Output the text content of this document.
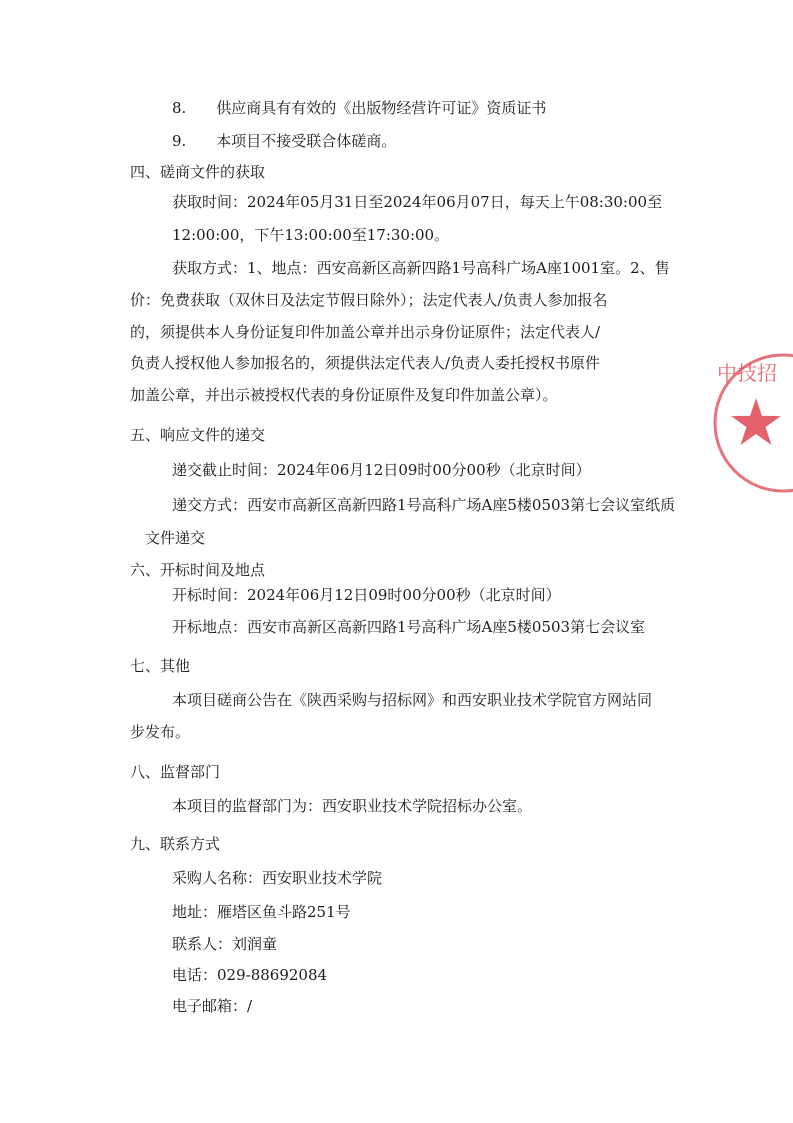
8.　　供应商具有有效的《出版物经营许可证》资质证书
9.　　本项目不接受联合体磋商。
四、磋商文件的获取
获取时间：2024年05月31日至2024年06月07日，每天上午08:30:00至
12:00:00，下午13:00:00至17:30:00。
获取方式：1、地点：西安高新区高新四路1号高科广场A座1001室。2、售
价：免费获取（双休日及法定节假日除外）；法定代表人/负责人参加报名
的，须提供本人身份证复印件加盖公章并出示身份证原件；法定代表人/
负责人授权他人参加报名的，须提供法定代表人/负责人委托授权书原件
加盖公章，并出示被授权代表的身份证原件及复印件加盖公章）。
五、响应文件的递交
递交截止时间：2024年06月12日09时00分00秒（北京时间）
递交方式：西安市高新区高新四路1号高科广场A座5楼0503第七会议室纸质
文件递交
六、开标时间及地点
开标时间：2024年06月12日09时00分00秒（北京时间）
开标地点：西安市高新区高新四路1号高科广场A座5楼0503第七会议室
七、其他
本项目磋商公告在《陕西采购与招标网》和西安职业技术学院官方网站同
步发布。
八、监督部门
本项目的监督部门为：西安职业技术学院招标办公室。
九、联系方式
采购人名称：西安职业技术学院
地址：雁塔区鱼斗路251号
联系人：刘润童
电话：029-88692084
电子邮箱：/
中技招
